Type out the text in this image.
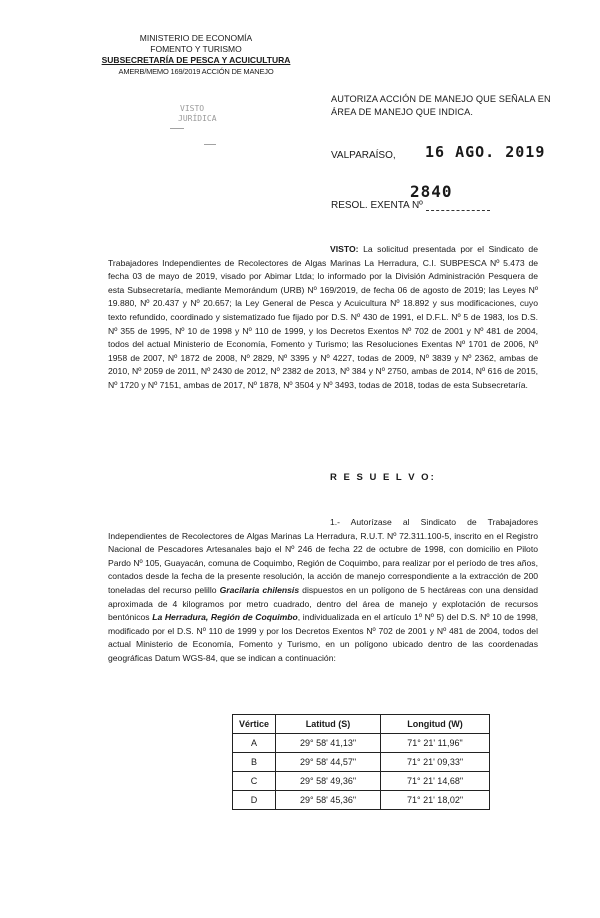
MINISTERIO DE ECONOMÍA
FOMENTO Y TURISMO
SUBSECRETARÍA DE PESCA Y ACUICULTURA
AMERB/MEMO 169/2019 ACCIÓN DE MANEJO
VISTO
JURÍDICA
AUTORIZA ACCIÓN DE MANEJO QUE SEÑALA EN ÁREA DE MANEJO QUE INDICA.
VALPARAÍSO, 16 AGO. 2019
2840
RESOL. EXENTA Nº
VISTO: La solicitud presentada por el Sindicato de Trabajadores Independientes de Recolectores de Algas Marinas La Herradura, C.I. SUBPESCA Nº 5.473 de fecha 03 de mayo de 2019, visado por Abimar Ltda; lo informado por la División Administración Pesquera de esta Subsecretaría, mediante Memorándum (URB) Nº 169/2019, de fecha 06 de agosto de 2019; las Leyes Nº 19.880, Nº 20.437 y Nº 20.657; la Ley General de Pesca y Acuicultura Nº 18.892 y sus modificaciones, cuyo texto refundido, coordinado y sistematizado fue fijado por D.S. Nº 430 de 1991, el D.F.L. Nº 5 de 1983, los D.S. Nº 355 de 1995, Nº 10 de 1998 y Nº 110 de 1999, y los Decretos Exentos Nº 702 de 2001 y Nº 481 de 2004, todos del actual Ministerio de Economía, Fomento y Turismo; las Resoluciones Exentas Nº 1701 de 2006, Nº 1958 de 2007, Nº 1872 de 2008, Nº 2829, Nº 3395 y Nº 4227, todas de 2009, Nº 3839 y Nº 2362, ambas de 2010, Nº 2059 de 2011, Nº 2430 de 2012, Nº 2382 de 2013, Nº 384 y Nº 2750, ambas de 2014, Nº 616 de 2015, Nº 1720 y Nº 7151, ambas de 2017, Nº 1878, Nº 3504 y Nº 3493, todas de 2018, todas de esta Subsecretaría.
R E S U E L V O:
1.- Autorízase al Sindicato de Trabajadores Independientes de Recolectores de Algas Marinas La Herradura, R.U.T. Nº 72.311.100-5, inscrito en el Registro Nacional de Pescadores Artesanales bajo el Nº 246 de fecha 22 de octubre de 1998, con domicilio en Piloto Pardo Nº 105, Guayacán, comuna de Coquimbo, Región de Coquimbo, para realizar por el período de tres años, contados desde la fecha de la presente resolución, la acción de manejo correspondiente a la extracción de 200 toneladas del recurso pelillo Gracilaria chilensis dispuestos en un polígono de 5 hectáreas con una densidad aproximada de 4 kilogramos por metro cuadrado, dentro del área de manejo y explotación de recursos bentónicos La Herradura, Región de Coquimbo, individualizada en el artículo 1º Nº 5) del D.S. Nº 10 de 1998, modificado por el D.S. Nº 110 de 1999 y por los Decretos Exentos Nº 702 de 2001 y Nº 481 de 2004, todos del actual Ministerio de Economía, Fomento y Turismo, en un polígono ubicado dentro de las coordenadas geográficas Datum WGS-84, que se indican a continuación:
Vértice	Latitud (S)	Longitud (W)
A	29° 58' 41,13"	71° 21' 11,96"
B	29° 58' 44,57"	71° 21' 09,33"
C	29° 58' 49,36"	71° 21' 14,68"
D	29° 58' 45,36"	71° 21' 18,02"
